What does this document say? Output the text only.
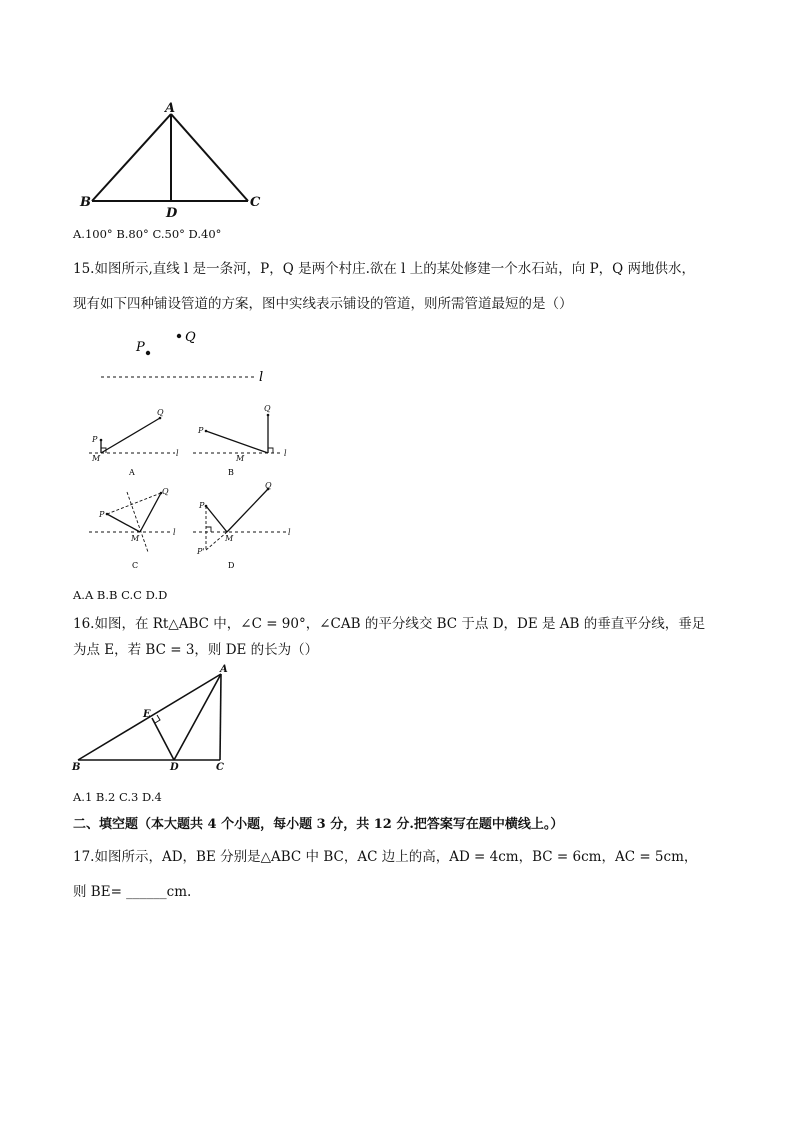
A
B	C
D
A.100° B.80° C.50° D.40°
15.如图所示,直线 l 是一条河，P，Q 是两个村庄.欲在 l 上的某处修建一个水石站，向 P，Q 两地供水，
现有如下四种铺设管道的方案，图中实线表示铺设的管道，则所需管道最短的是（）
P
Q
l
P
Q
M
l
A
P
Q
M
l
B
P
Q
M
l
C
P
Q
M
P'
l
D
A.A B.B C.C D.D
16.如图，在 Rt△ABC 中，∠C = 90°，∠CAB 的平分线交 BC 于点 D，DE 是 AB 的垂直平分线，垂足
为点 E，若 BC = 3，则 DE 的长为（）
A
B	C
D
E
A.1 B.2 C.3 D.4
二、填空题（本大题共 4 个小题，每小题 3 分，共 12 分.把答案写在题中横线上。）
17.如图所示，AD，BE 分别是△ABC 中 BC，AC 边上的高，AD = 4cm，BC = 6cm，AC = 5cm，
则 BE= ______cm.
